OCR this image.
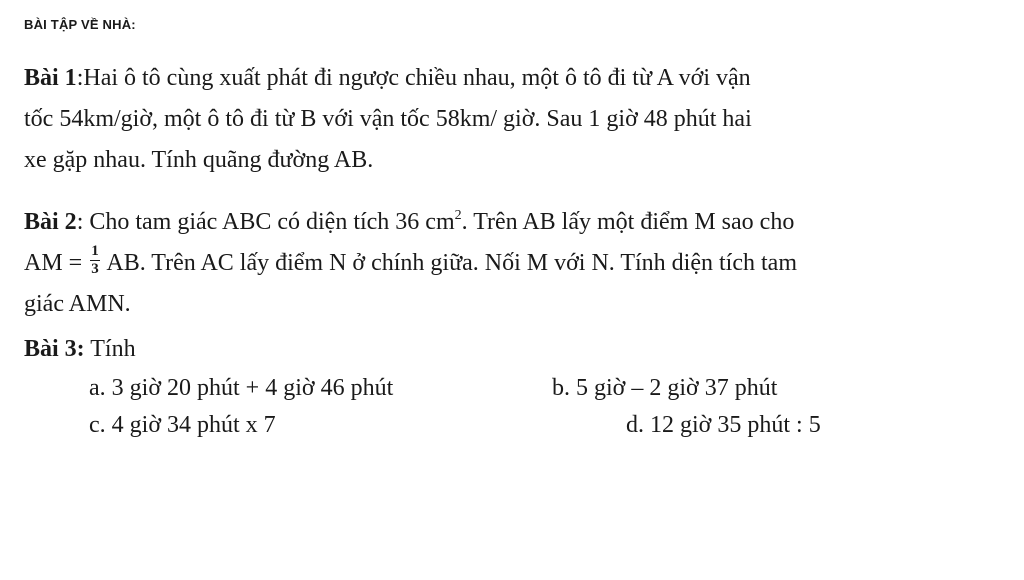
BÀI TẬP VỀ NHÀ:

Bài 1:Hai ô tô cùng xuất phát đi ngược chiều nhau, một ô tô đi từ A với vận
tốc 54km/giờ, một ô tô đi từ B với vận tốc 58km/ giờ. Sau 1 giờ 48 phút hai
xe gặp nhau. Tính quãng đường AB.

Bài 2: Cho tam giác ABC có diện tích 36 $cm^2$. Trên AB lấy một điểm M sao cho
AM = $\frac{1}{3}$ AB. Trên AC lấy điểm N ở chính giữa. Nối M với N. Tính diện tích tam
giác AMN.

Bài 3: Tính

a. 3 giờ 20 phút + 4 giờ 46 phút	b. 5 giờ – 2 giờ 37 phút
c. 4 giờ 34 phút x 7	d. 12 giờ 35 phút : 5
